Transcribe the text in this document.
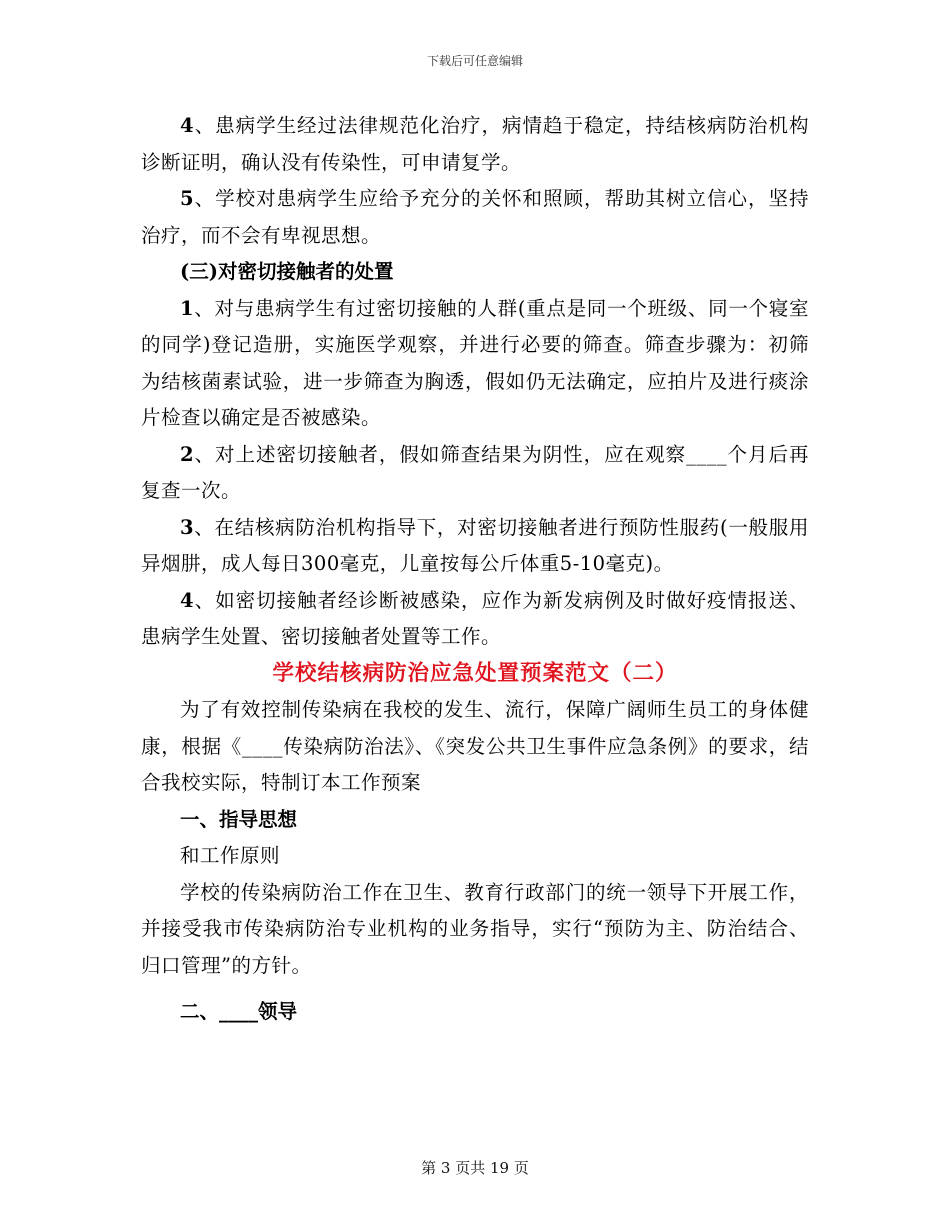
下载后可任意编辑

4、患病学生经过法律规范化治疗，病情趋于稳定，持结核病防治机构诊断证明，确认没有传染性，可申请复学。

5、学校对患病学生应给予充分的关怀和照顾，帮助其树立信心，坚持治疗，而不会有卑视思想。

(三)对密切接触者的处置

1、对与患病学生有过密切接触的人群(重点是同一个班级、同一个寝室的同学)登记造册，实施医学观察，并进行必要的筛查。筛查步骤为：初筛为结核菌素试验，进一步筛查为胸透，假如仍无法确定，应拍片及进行痰涂片检查以确定是否被感染。

2、对上述密切接触者，假如筛查结果为阴性，应在观察____个月后再复查一次。

3、在结核病防治机构指导下，对密切接触者进行预防性服药(一般服用异烟肼，成人每日300毫克，儿童按每公斤体重5-10毫克)。

4、如密切接触者经诊断被感染，应作为新发病例及时做好疫情报送、患病学生处置、密切接触者处置等工作。

学校结核病防治应急处置预案范文（二）

为了有效控制传染病在我校的发生、流行，保障广阔师生员工的身体健康，根据《____传染病防治法》、《突发公共卫生事件应急条例》的要求，结合我校实际，特制订本工作预案

一、指导思想

和工作原则

学校的传染病防治工作在卫生、教育行政部门的统一领导下开展工作，并接受我市传染病防治专业机构的业务指导，实行“预防为主、防治结合、归口管理”的方针。

二、____领导

第 3 页共 19 页
